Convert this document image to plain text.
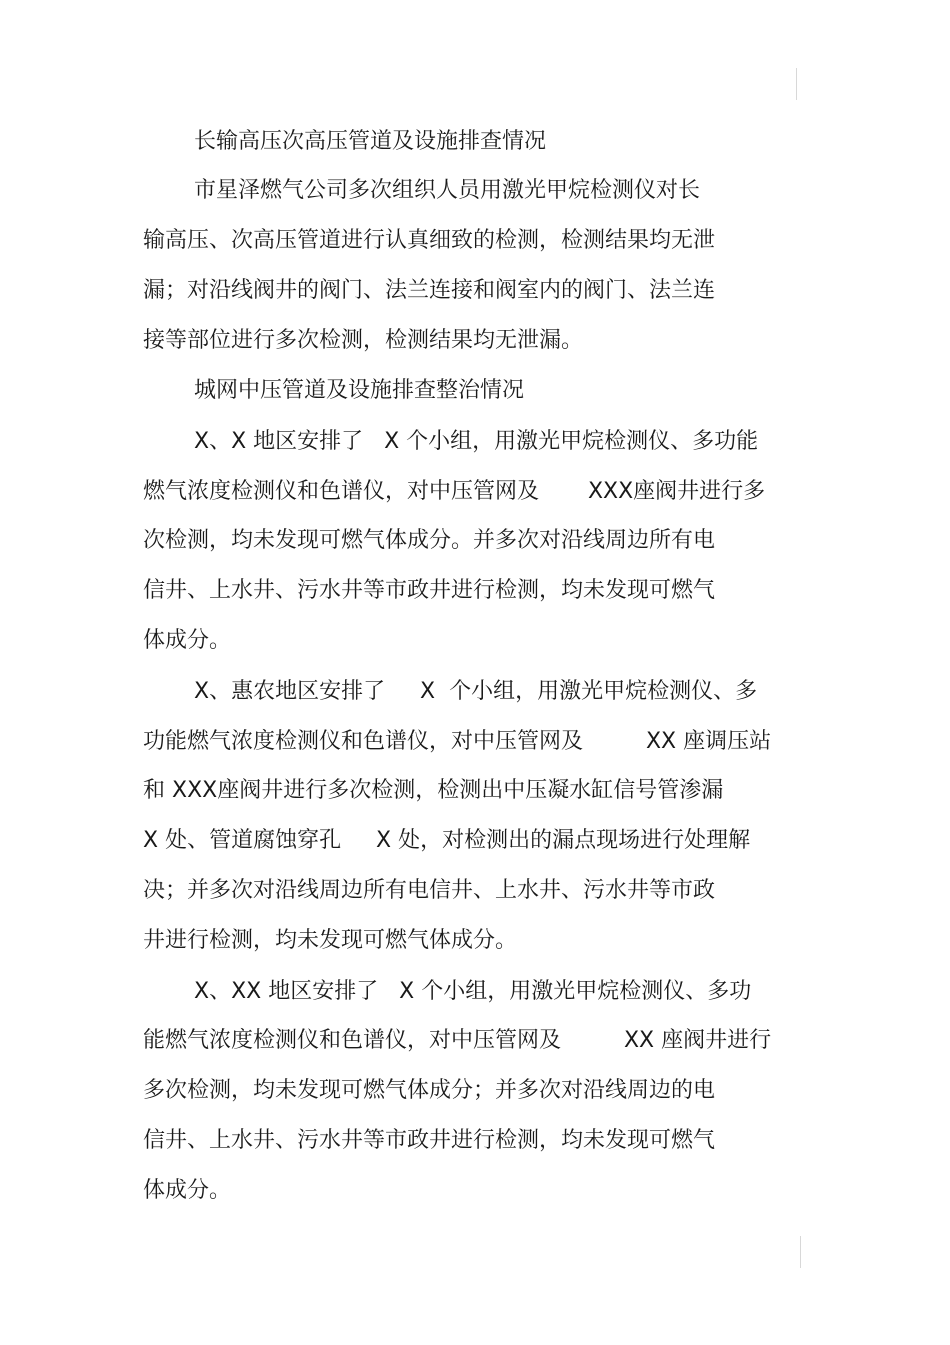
长输高压次高压管道及设施排查情况
市星泽燃气公司多次组织人员用激光甲烷检测仪对长
输高压、次高压管道进行认真细致的检测，检测结果均无泄
漏；对沿线阀井的阀门、法兰连接和阀室内的阀门、法兰连
接等部位进行多次检测，检测结果均无泄漏。
城网中压管道及设施排查整治情况
X、X 地区安排了   X 个小组，用激光甲烷检测仪、多功能
燃气浓度检测仪和色谱仪，对中压管网及       XXX座阀井进行多
次检测，均未发现可燃气体成分。并多次对沿线周边所有电
信井、上水井、污水井等市政井进行检测，均未发现可燃气
体成分。
X、惠农地区安排了     X  个小组，用激光甲烷检测仪、多
功能燃气浓度检测仪和色谱仪，对中压管网及         XX 座调压站
和 XXX座阀井进行多次检测，检测出中压凝水缸信号管渗漏
X 处、管道腐蚀穿孔     X 处，对检测出的漏点现场进行处理解
决；并多次对沿线周边所有电信井、上水井、污水井等市政
井进行检测，均未发现可燃气体成分。
X、XX 地区安排了   X 个小组，用激光甲烷检测仪、多功
能燃气浓度检测仪和色谱仪，对中压管网及         XX 座阀井进行
多次检测，均未发现可燃气体成分；并多次对沿线周边的电
信井、上水井、污水井等市政井进行检测，均未发现可燃气
体成分。
